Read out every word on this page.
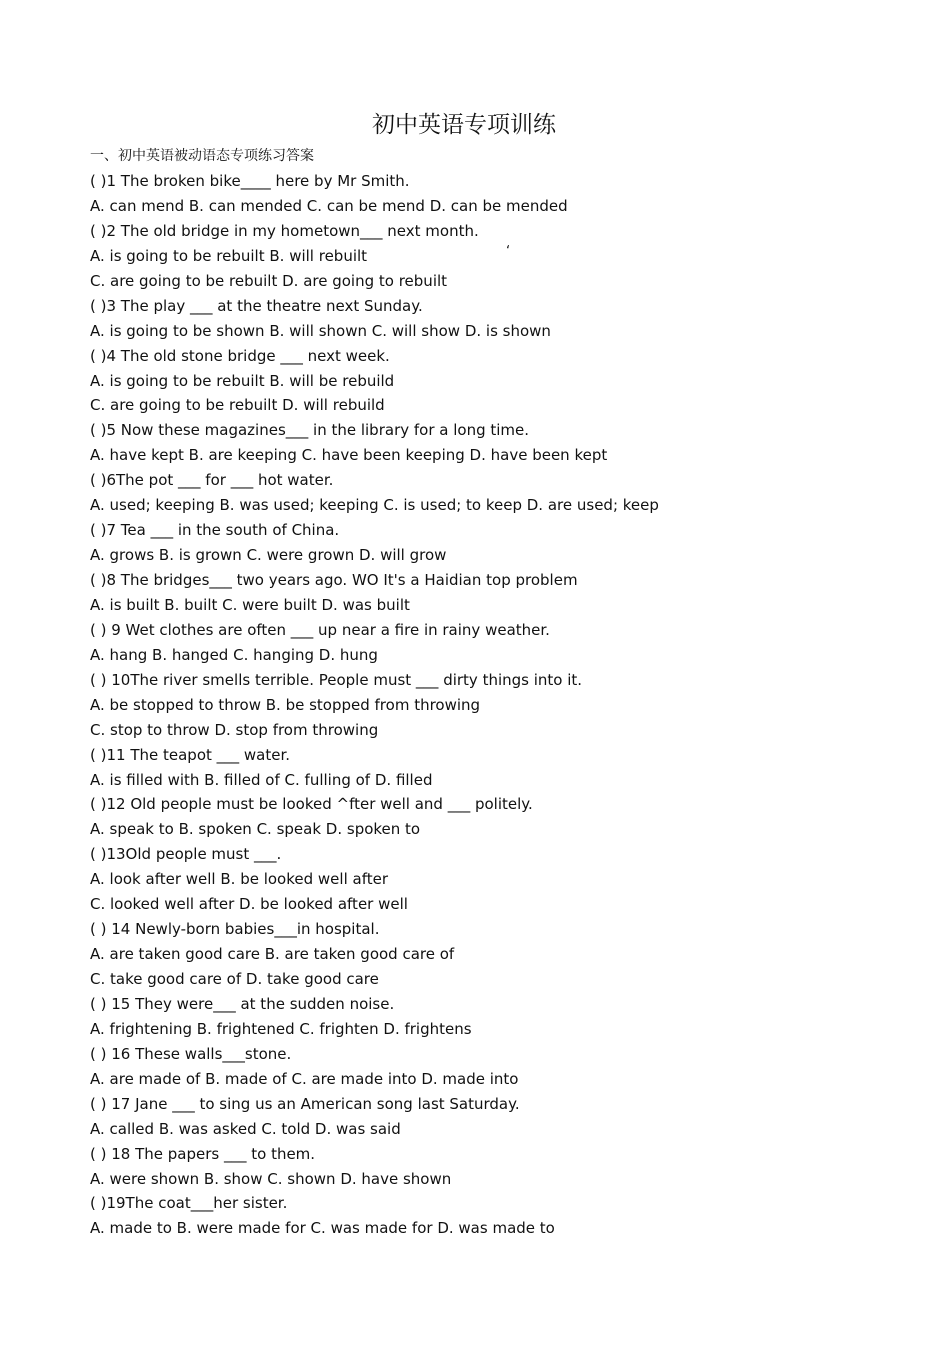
初中英语专项训练
一、初中英语被动语态专项练习答案
‘
( )1 The broken bike____ here by Mr Smith.
A. can mend B. can mended C. can be mend D. can be mended
( )2 The old bridge in my hometown___ next month.
A. is going to be rebuilt B. will rebuilt
C. are going to be rebuilt D. are going to rebuilt
( )3 The play ___ at the theatre next Sunday.
A. is going to be shown B. will shown C. will show D. is shown
( )4 The old stone bridge ___ next week.
A. is going to be rebuilt B. will be rebuild
C. are going to be rebuilt D. will rebuild
( )5 Now these magazines___ in the library for a long time.
A. have kept B. are keeping C. have been keeping D. have been kept
( )6The pot ___ for ___ hot water.
A. used; keeping B. was used; keeping C. is used; to keep D. are used; keep
( )7 Tea ___ in the south of China.
A. grows B. is grown C. were grown D. will grow
( )8 The bridges___ two years ago. WO It's a Haidian top problem
A. is built B. built C. were built D. was built
( ) 9 Wet clothes are often ___ up near a fire in rainy weather.
A. hang B. hanged C. hanging D. hung
( ) 10The river smells terrible. People must ___ dirty things into it.
A. be stopped to throw B. be stopped from throwing
C. stop to throw D. stop from throwing
( )11 The teapot ___ water.
A. is filled with B. filled of C. fulling of D. filled
( )12 Old people must be looked ^fter well and ___ politely.
A. speak to B. spoken C. speak D. spoken to
( )13Old people must ___.
A. look after well B. be looked well after
C. looked well after D. be looked after well
( ) 14 Newly-born babies___in hospital.
A. are taken good care B. are taken good care of
C. take good care of D. take good care
( ) 15 They were___ at the sudden noise.
A. frightening B. frightened C. frighten D. frightens
( ) 16 These walls___stone.
A. are made of B. made of C. are made into D. made into
( ) 17 Jane ___ to sing us an American song last Saturday.
A. called B. was asked C. told D. was said
( ) 18 The papers ___ to them.
A. were shown B. show C. shown D. have shown
( )19The coat___her sister.
A. made to B. were made for C. was made for D. was made to
